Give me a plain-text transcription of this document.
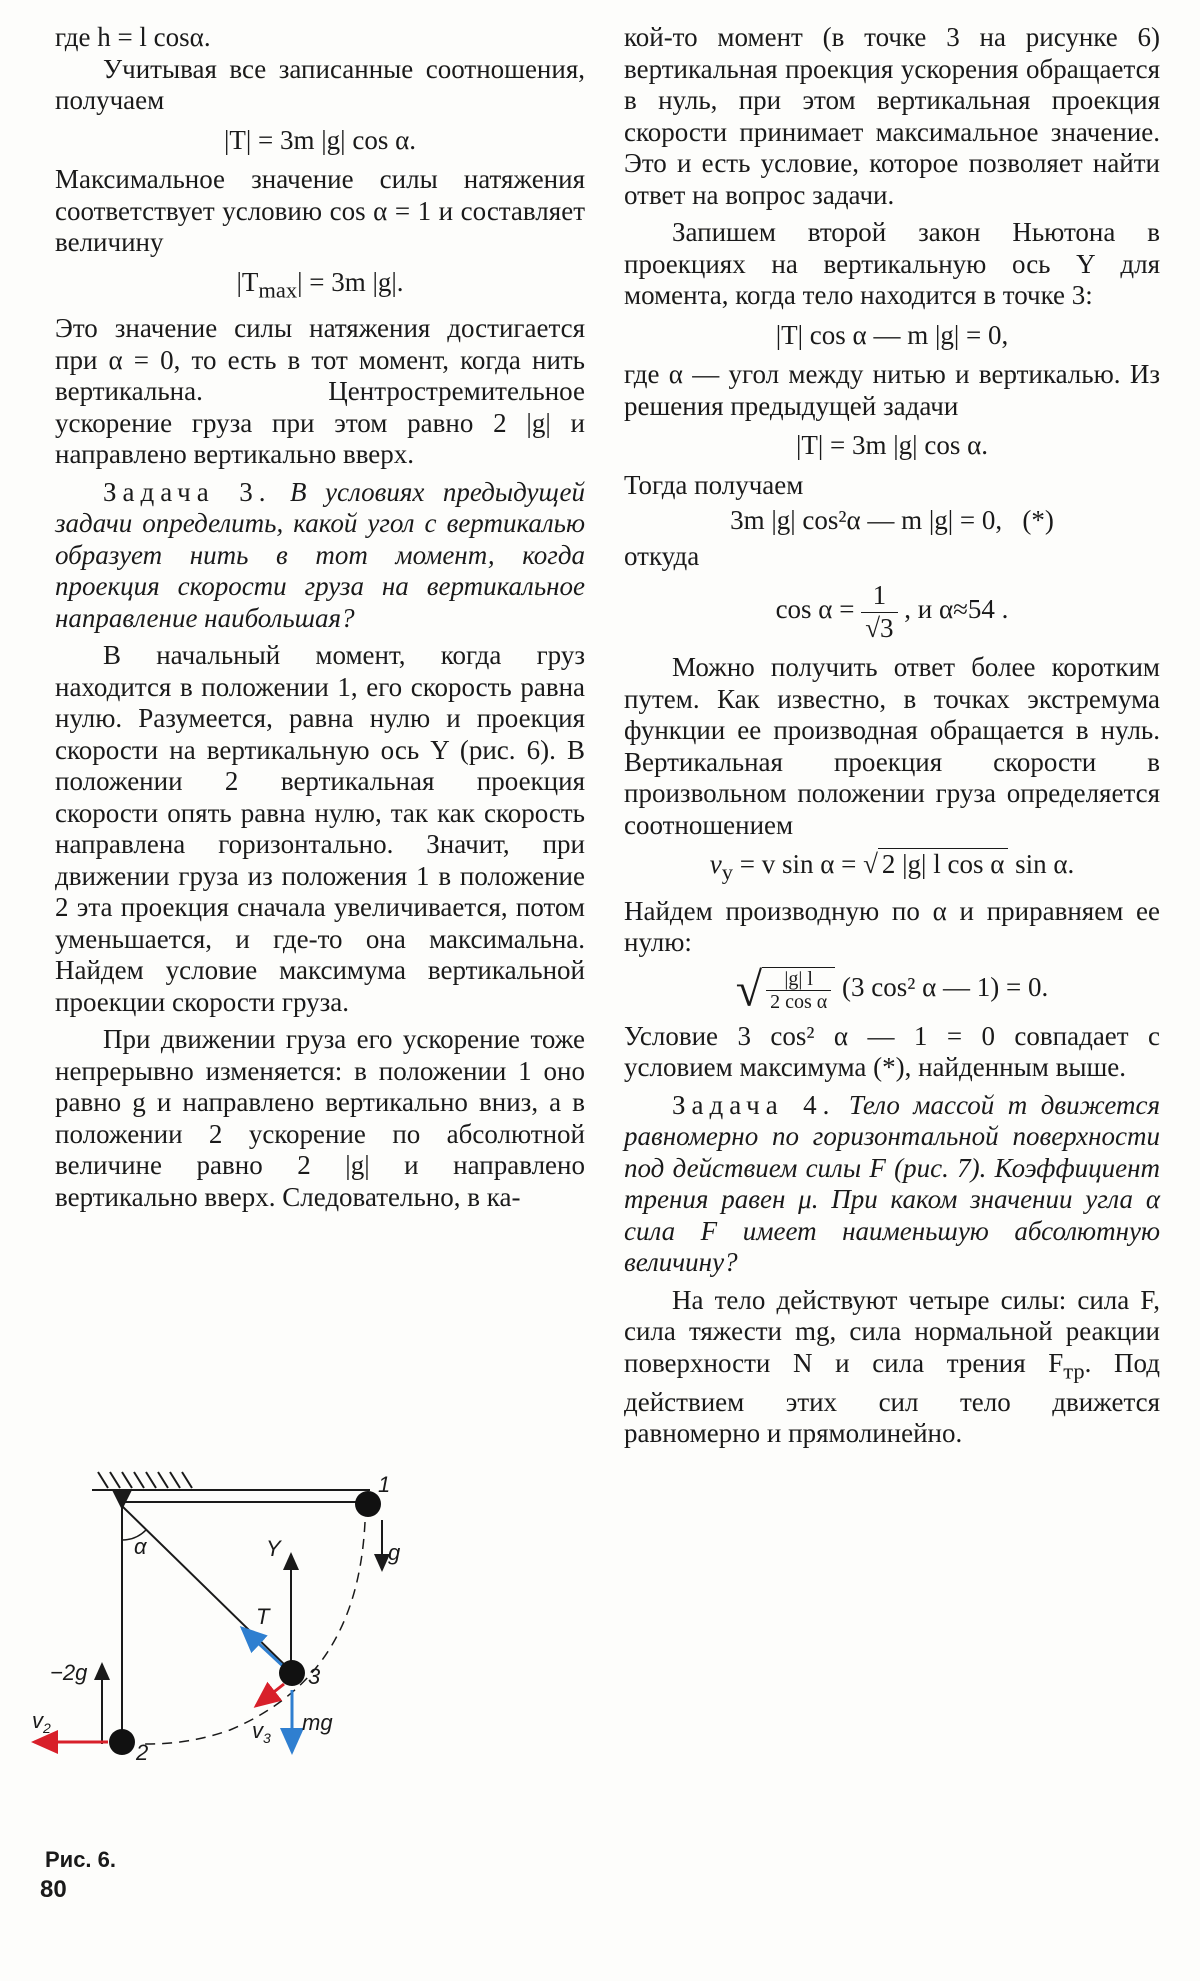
где h = l cosα.

Учитывая все записанные соотношения, получаем

|T| = 3m |g| cos α.

Максимальное значение силы натяжения соответствует условию cos α = 1 и составляет величину

$|T_{max}| = 3m$ |g|.

Это значение силы натяжения достигается при α = 0, то есть в тот момент, когда нить вертикальна. Центростремительное ускорение груза при этом равно 2 |g| и направлено вертикально вверх.

Задача 3. В условиях предыдущей задачи определить, какой угол с вертикалью образует нить в тот момент, когда проекция скорости груза на вертикальное направление наибольшая?

В начальный момент, когда груз находится в положении 1, его скорость равна нулю. Разумеется, равна нулю и проекция скорости на вертикальную ось Y (рис. 6). В положении 2 вертикальная проекция скорости опять равна нулю, так как скорость направлена горизонтально. Значит, при движении груза из положения 1 в положение 2 эта проекция сначала увеличивается, потом уменьшается, и где-то она максимальна. Найдем условие максимума вертикальной проекции скорости груза.

При движении груза его ускорение тоже непрерывно изменяется: в положении 1 оно равно g и направлено вертикально вниз, а в положении 2 ускорение по абсолютной величине равно 2 |g| и направлено вертикально вверх. Следовательно, в ка-

кой-то момент (в точке 3 на рисунке 6) вертикальная проекция ускорения обращается в нуль, при этом вертикальная проекция скорости принимает максимальное значение. Это и есть условие, которое позволяет найти ответ на вопрос задачи.

Запишем второй закон Ньютона в проекциях на вертикальную ось Y для момента, когда тело находится в точке 3:

|T| cos α — m |g| = 0,

где α — угол между нитью и вертикалью. Из решения предыдущей задачи

|T| = 3m |g| cos α.

Тогда получаем

3m |g| cos²α — m |g| = 0, (*)

откуда

$\cos \alpha = \frac{1}{√3}$ , и α≈54 .

Можно получить ответ более коротким путем. Как известно, в точках экстремума функции ее производная обращается в нуль. Вертикальная проекция скорости в произвольном положении груза определяется соотношением

$v_y = v$ sin α = √ 2 |g| l cos α sin α.

Найдем производную по α и приравняем ее нулю:

√ $\frac{|g| l}{\text{2 cos α}} (3$ cos² α — 1) = 0.

Условие 3 cos² α — 1 = 0 совпадает с условием максимума (*), найденным выше.

Задача 4. Тело массой m движется равномерно по горизонтальной поверхности под действием силы F (рис. 7). Коэффициент трения равен μ. При каком значении угла α сила F имеет наименьшую абсолютную величину?

На тело действуют четыре силы: сила F, сила тяжести mg, сила нормальной реакции поверхности N и сила трения $F_{тр}$. Под действием этих сил тело движется равномерно и прямолинейно.

α	Y
T
1
2
3
g
−2g
$v_2$	$v_3$
mg
Рис. 6.
80
